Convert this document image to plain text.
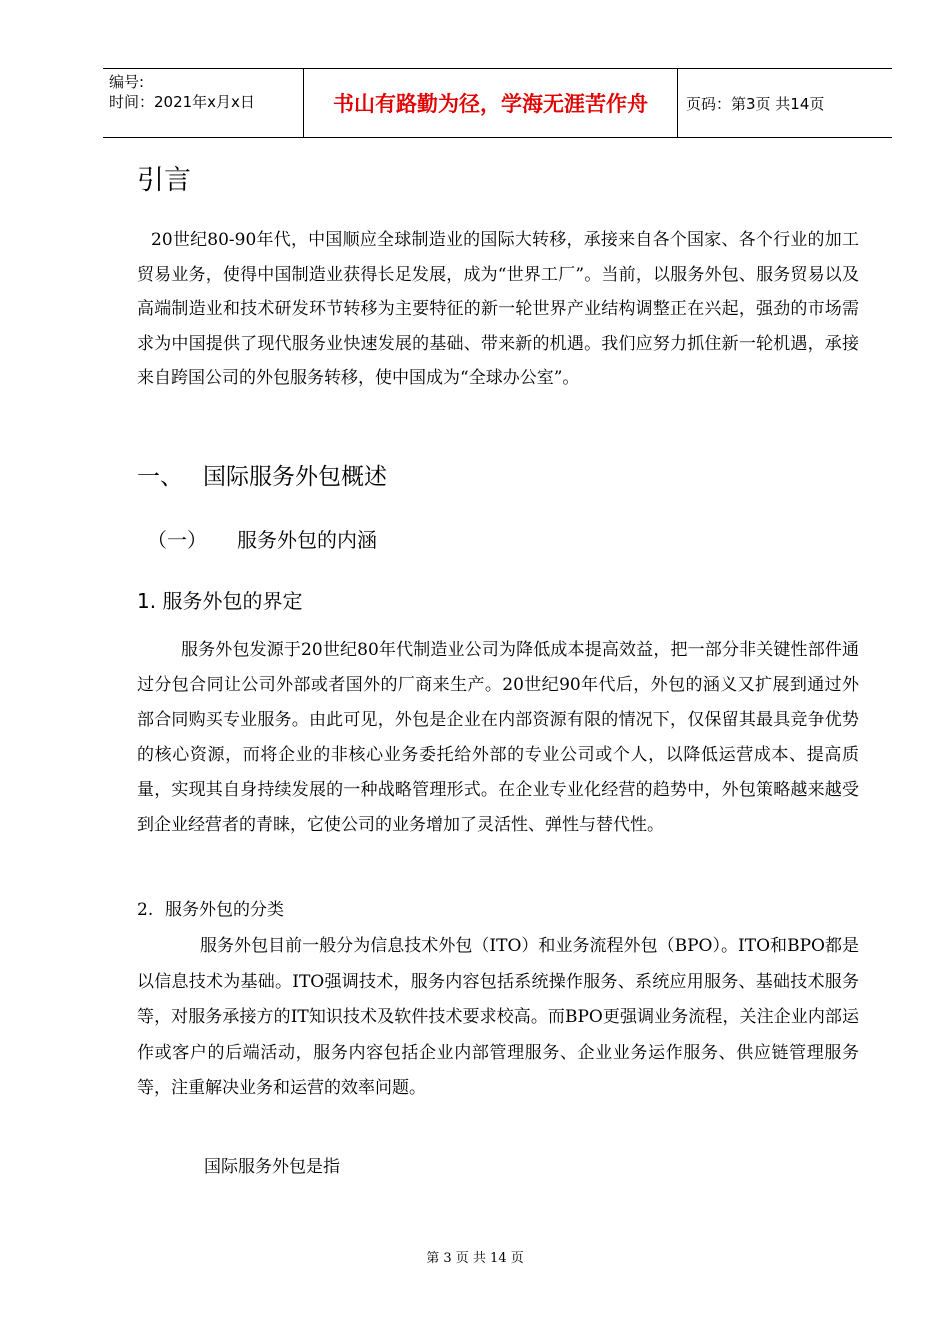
编号:
时间：2021年x月x日	书山有路勤为径，学海无涯苦作舟	页码：第3页 共14页
引言

20世纪80-90年代，中国顺应全球制造业的国际大转移，承接来自各个国家、各个行业的加工贸易业务，使得中国制造业获得长足发展，成为“世界工厂”。当前，以服务外包、服务贸易以及高端制造业和技术研发环节转移为主要特征的新一轮世界产业结构调整正在兴起，强劲的市场需求为中国提供了现代服务业快速发展的基础、带来新的机遇。我们应努力抓住新一轮机遇，承接来自跨国公司的外包服务转移，使中国成为“全球办公室”。

一、 国际服务外包概述
（一） 服务外包的内涵
1. 服务外包的界定

服务外包发源于20世纪80年代制造业公司为降低成本提高效益，把一部分非关键性部件通过分包合同让公司外部或者国外的厂商来生产。20世纪90年代后，外包的涵义又扩展到通过外部合同购买专业服务。由此可见，外包是企业在内部资源有限的情况下，仅保留其最具竞争优势的核心资源，而将企业的非核心业务委托给外部的专业公司或个人，以降低运营成本、提高质量，实现其自身持续发展的一种战略管理形式。在企业专业化经营的趋势中，外包策略越来越受到企业经营者的青睐，它使公司的业务增加了灵活性、弹性与替代性。

2. 服务外包的分类

服务外包目前一般分为信息技术外包（ITO）和业务流程外包（BPO）。ITO和BPO都是以信息技术为基础。ITO强调技术，服务内容包括系统操作服务、系统应用服务、基础技术服务等，对服务承接方的IT知识技术及软件技术要求校高。而BPO更强调业务流程，关注企业内部运作或客户的后端活动，服务内容包括企业内部管理服务、企业业务运作服务、供应链管理服务等，注重解决业务和运营的效率问题。

国际服务外包是指

第 3 页 共 14 页
